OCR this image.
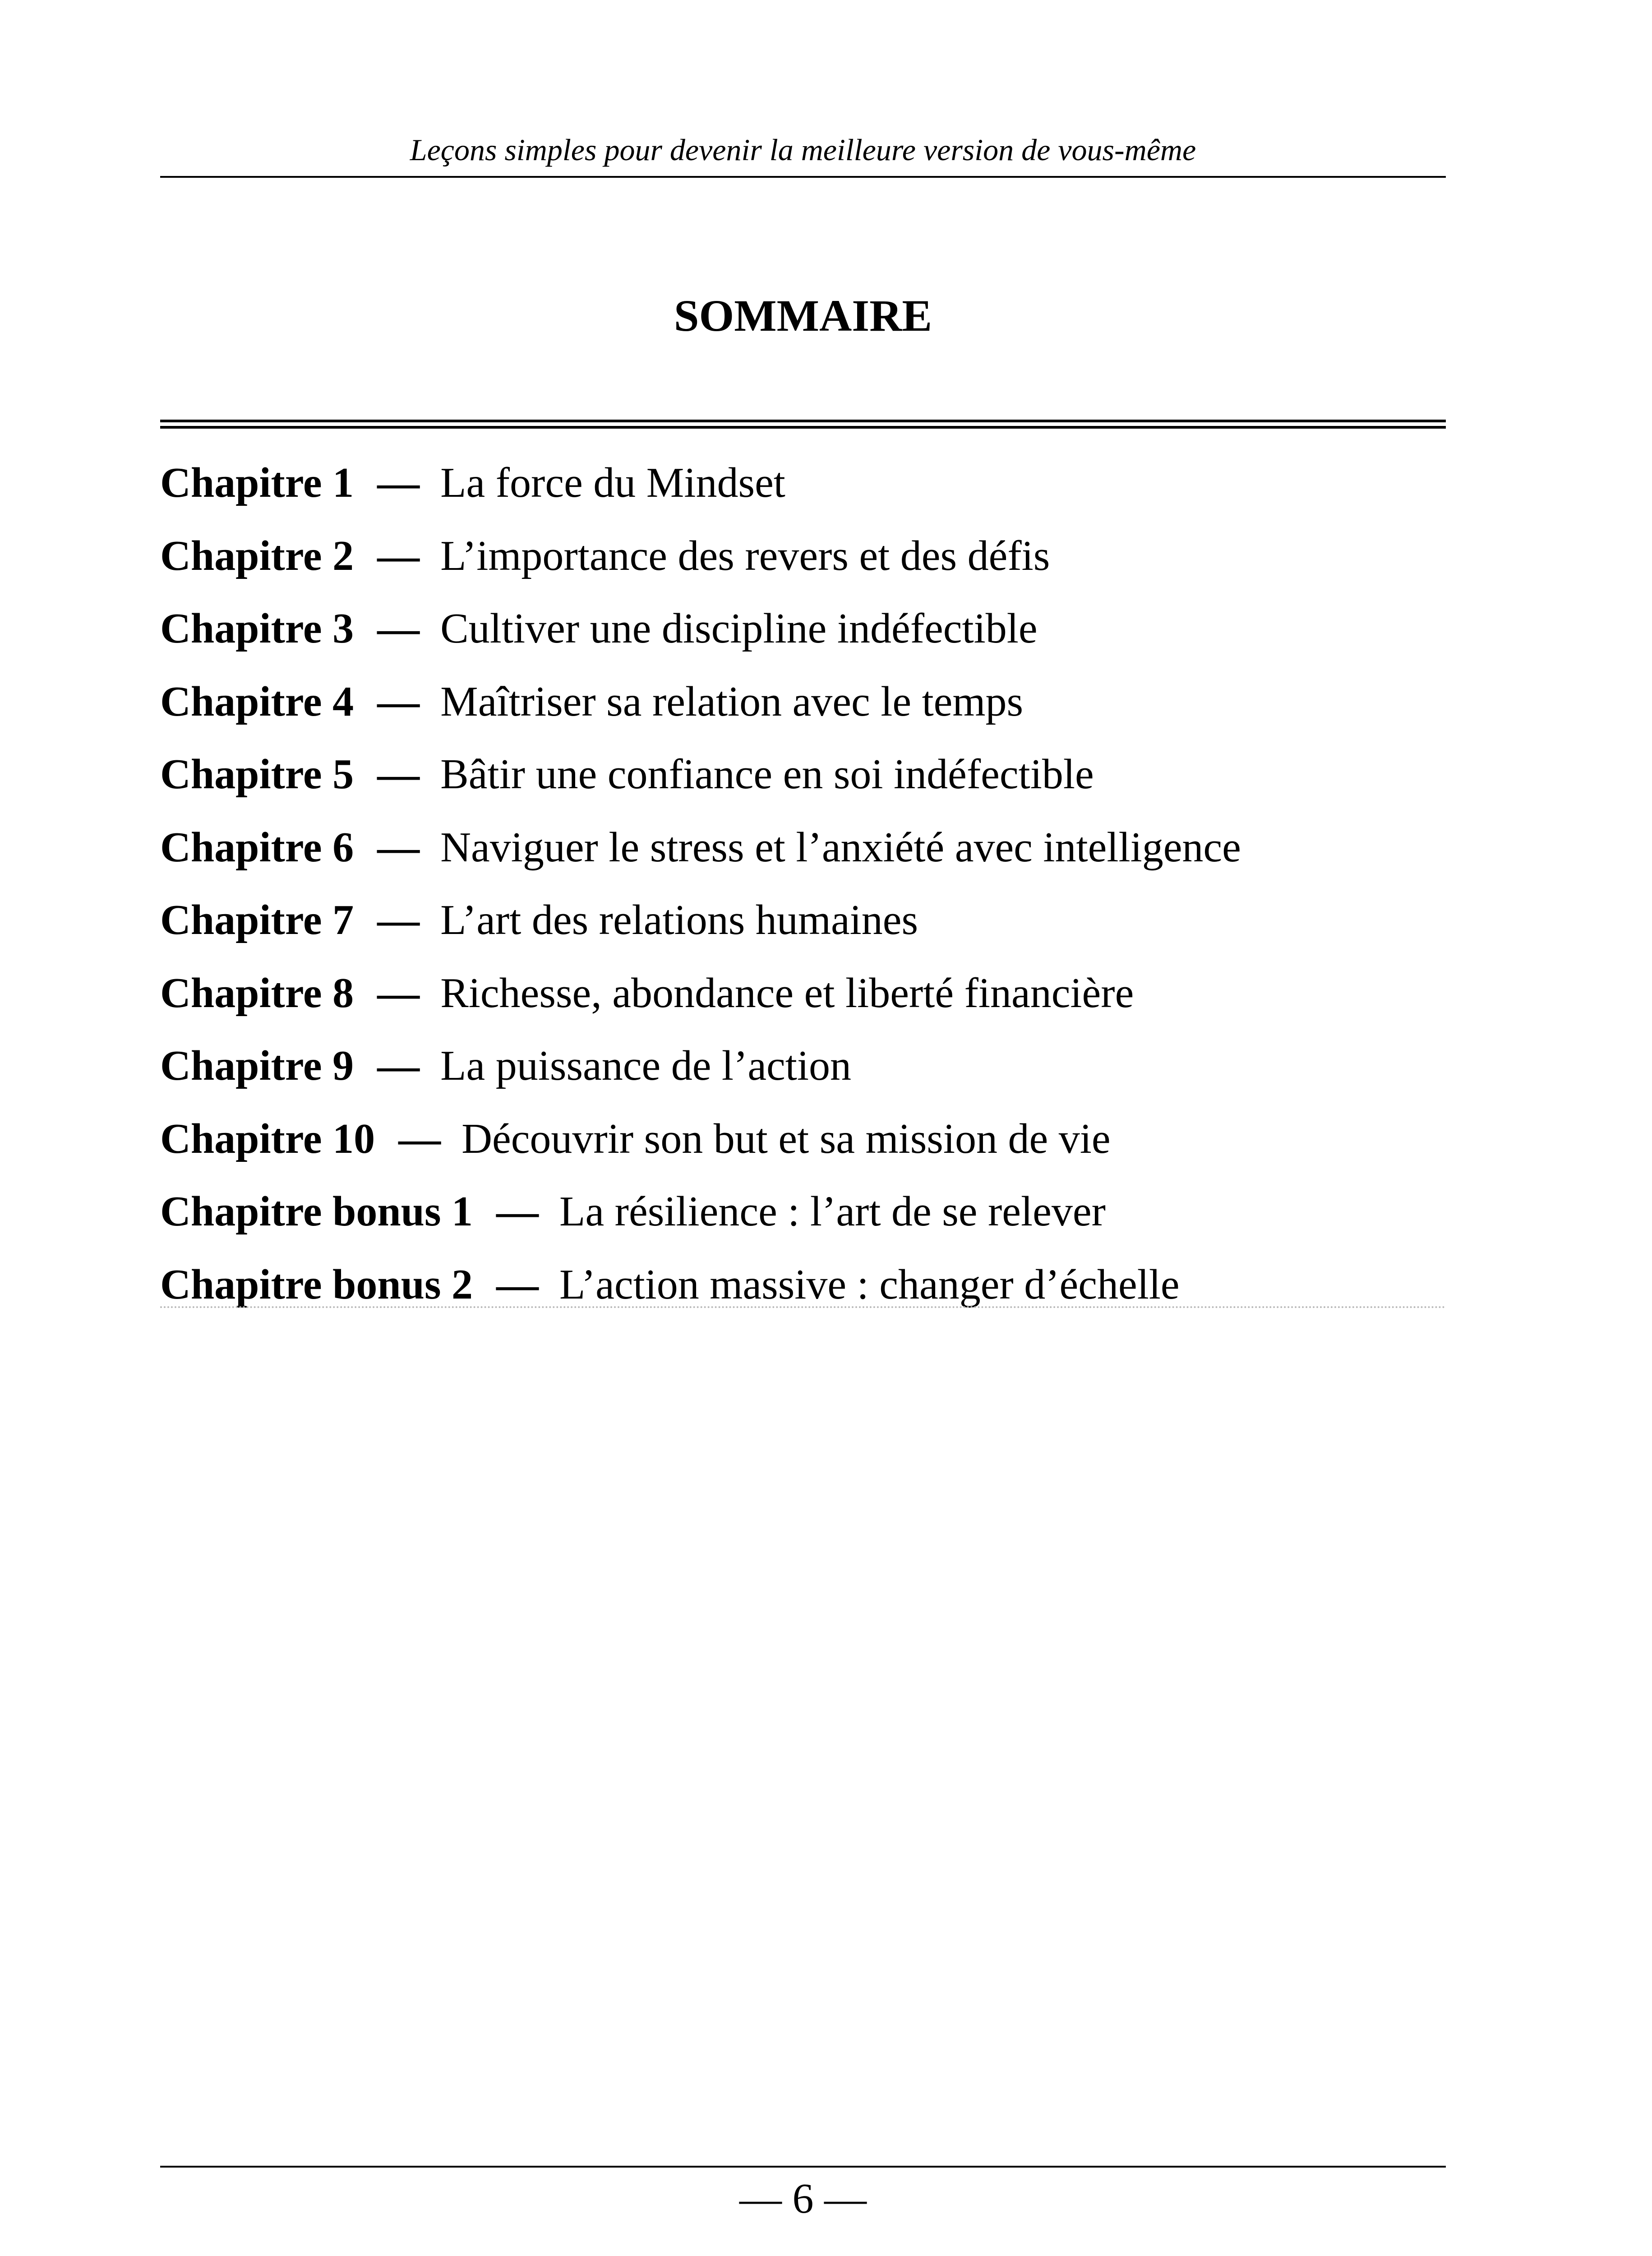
Leçons simples pour devenir la meilleure version de vous-même
SOMMAIRE
Chapitre 1 — La force du Mindset
Chapitre 2 — L’importance des revers et des défis
Chapitre 3 — Cultiver une discipline indéfectible
Chapitre 4 — Maîtriser sa relation avec le temps
Chapitre 5 — Bâtir une confiance en soi indéfectible
Chapitre 6 — Naviguer le stress et l’anxiété avec intelligence
Chapitre 7 — L’art des relations humaines
Chapitre 8 — Richesse, abondance et liberté financière
Chapitre 9 — La puissance de l’action
Chapitre 10 — Découvrir son but et sa mission de vie
Chapitre bonus 1 — La résilience : l’art de se relever
Chapitre bonus 2 — L’action massive : changer d’échelle
— 6 —
